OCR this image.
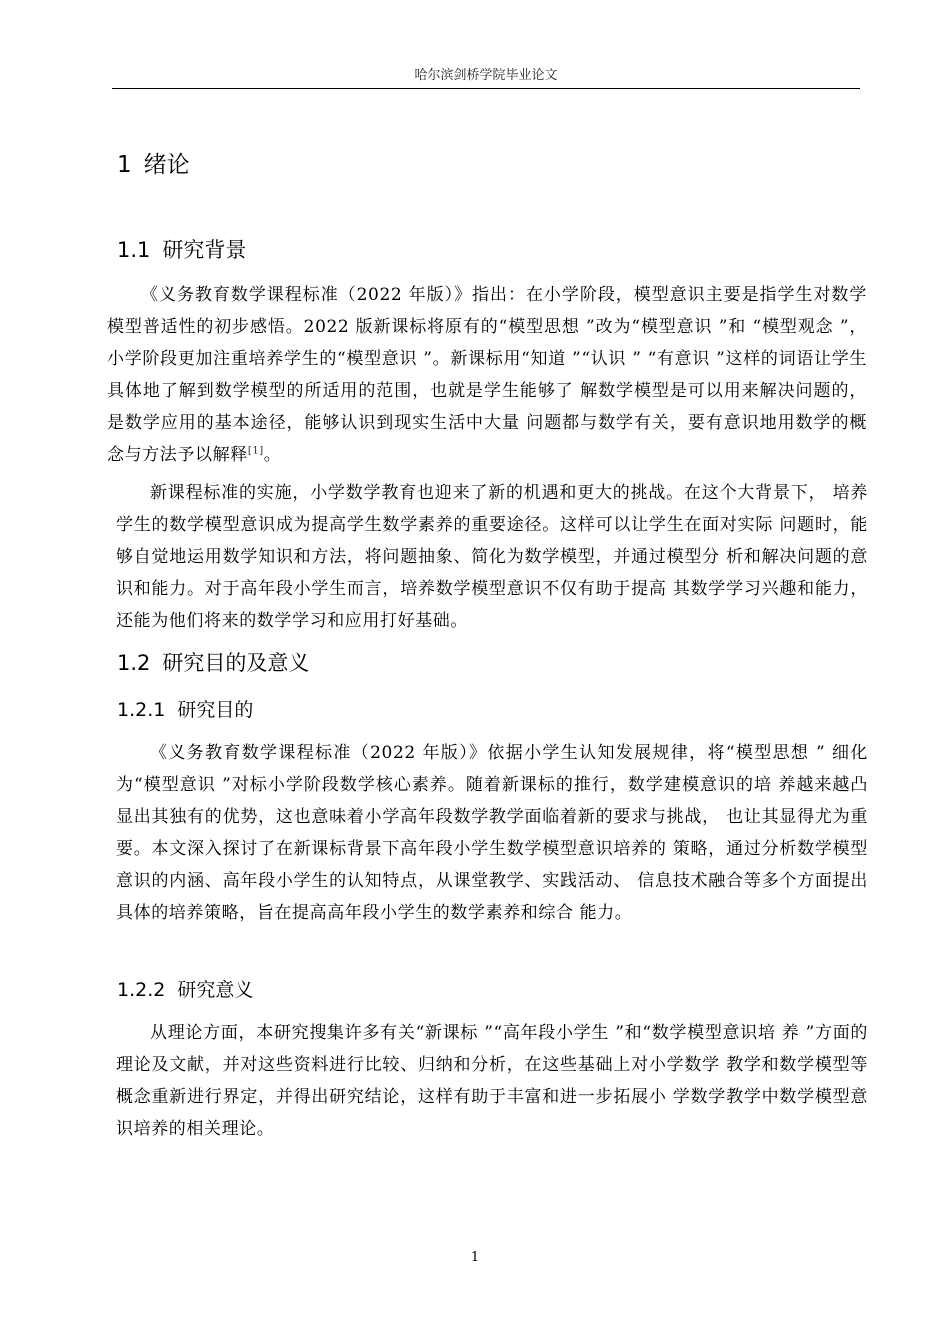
哈尔滨剑桥学院毕业论文
1 绪论
1.1 研究背景

《义务教育数学课程标准（2022 年版）》指出：在小学阶段，模型意识主要是指学生对数学模型普适性的初步感悟。2022 版新课标将原有的“模型思想 ”改为“模型意识 ”和 “模型观念 ”，小学阶段更加注重培养学生的“模型意识 ”。新课标用“知道 ”“认识 ” “有意识 ”这样的词语让学生具体地了解到数学模型的所适用的范围，也就是学生能够了 解数学模型是可以用来解决问题的，是数学应用的基本途径，能够认识到现实生活中大量 问题都与数学有关，要有意识地用数学的概念与方法予以解释[1]。

新课程标准的实施，小学数学教育也迎来了新的机遇和更大的挑战。在这个大背景下， 培养学生的数学模型意识成为提高学生数学素养的重要途径。这样可以让学生在面对实际 问题时，能够自觉地运用数学知识和方法，将问题抽象、简化为数学模型，并通过模型分 析和解决问题的意识和能力。对于高年段小学生而言，培养数学模型意识不仅有助于提高 其数学学习兴趣和能力，还能为他们将来的数学学习和应用打好基础。

1.2 研究目的及意义
1.2.1 研究目的

《义务教育数学课程标准（2022 年版）》依据小学生认知发展规律，将“模型思想 ” 细化为“模型意识 ”对标小学阶段数学核心素养。随着新课标的推行，数学建模意识的培 养越来越凸显出其独有的优势，这也意味着小学高年段数学教学面临着新的要求与挑战， 也让其显得尤为重要。本文深入探讨了在新课标背景下高年段小学生数学模型意识培养的 策略，通过分析数学模型意识的内涵、高年段小学生的认知特点，从课堂教学、实践活动、 信息技术融合等多个方面提出具体的培养策略，旨在提高高年段小学生的数学素养和综合 能力。

1.2.2 研究意义

从理论方面，本研究搜集许多有关“新课标 ”“高年段小学生 ”和“数学模型意识培 养 ”方面的理论及文献，并对这些资料进行比较、归纳和分析，在这些基础上对小学数学 教学和数学模型等概念重新进行界定，并得出研究结论，这样有助于丰富和进一步拓展小 学数学教学中数学模型意识培养的相关理论。

1
